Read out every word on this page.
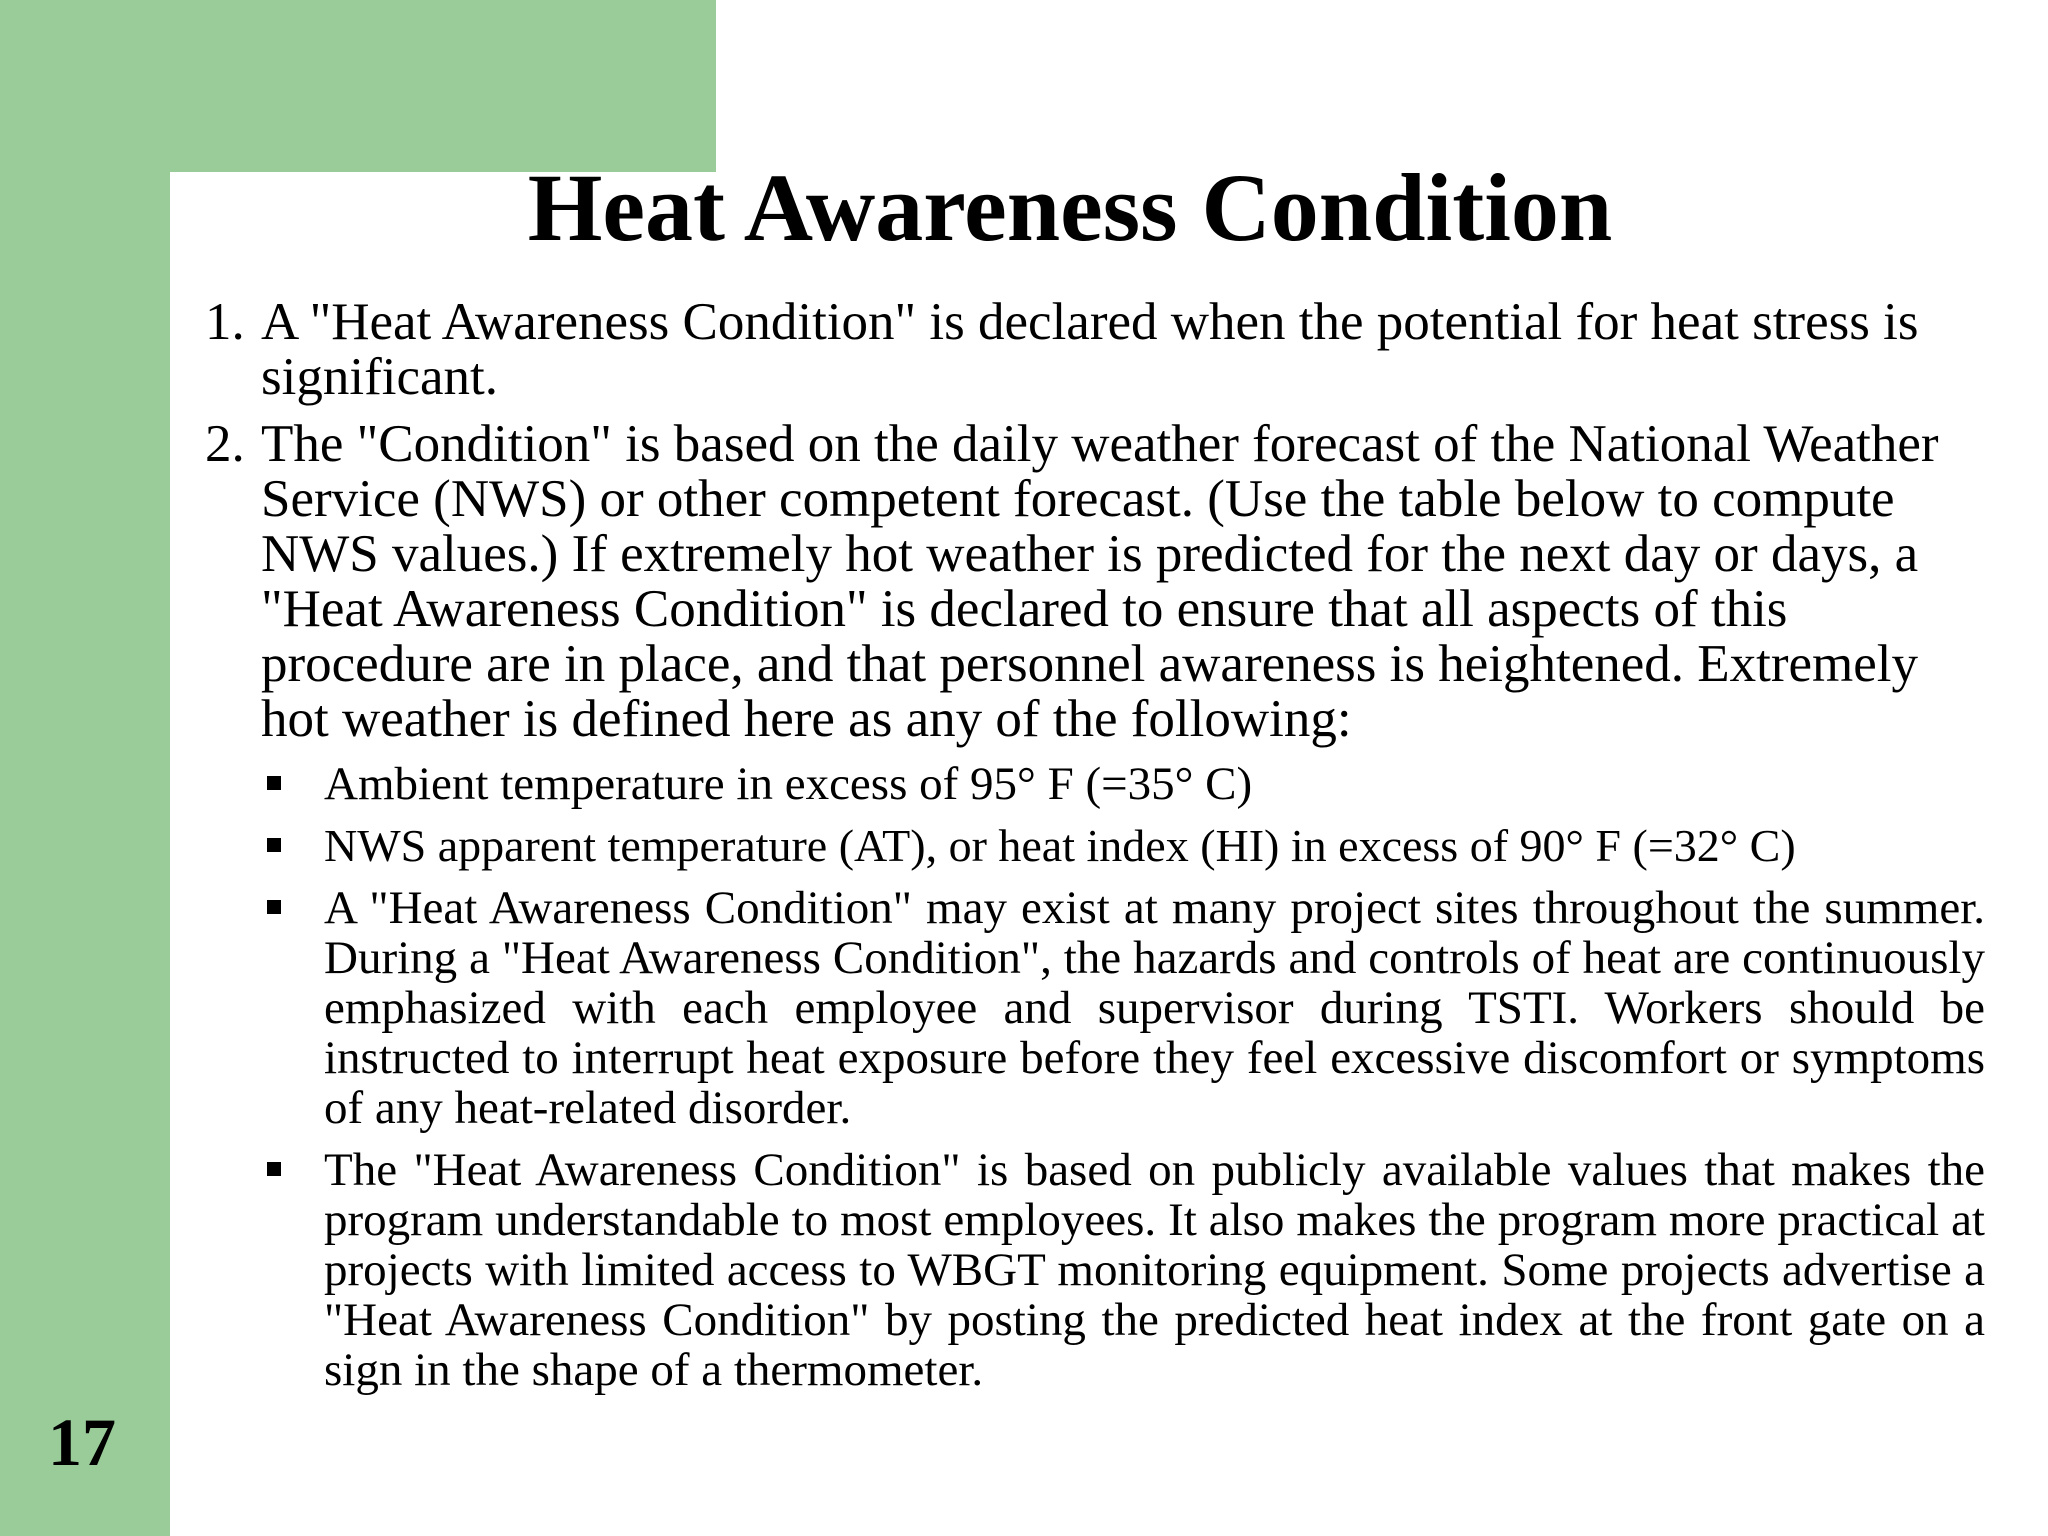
17
Heat Awareness Condition
1. A "Heat Awareness Condition" is declared when the potential for heat stress is significant.
2. The "Condition" is based on the daily weather forecast of the National Weather Service (NWS) or other competent forecast. (Use the table below to compute NWS values.) If extremely hot weather is predicted for the next day or days, a "Heat Awareness Condition" is declared to ensure that all aspects of this procedure are in place, and that personnel awareness is heightened. Extremely hot weather is defined here as any of the following:
Ambient temperature in excess of 95° F (=35° C)
NWS apparent temperature (AT), or heat index (HI) in excess of 90° F (=32° C)
A "Heat Awareness Condition" may exist at many project sites throughout the summer. During a "Heat Awareness Condition", the hazards and controls of heat are continuously emphasized with each employee and supervisor during TSTI. Workers should be instructed to interrupt heat exposure before they feel excessive discomfort or symptoms of any heat-related disorder.
The "Heat Awareness Condition" is based on publicly available values that makes the program understandable to most employees. It also makes the program more practical at projects with limited access to WBGT monitoring equipment. Some projects advertise a "Heat Awareness Condition" by posting the predicted heat index at the front gate on a sign in the shape of a thermometer.
